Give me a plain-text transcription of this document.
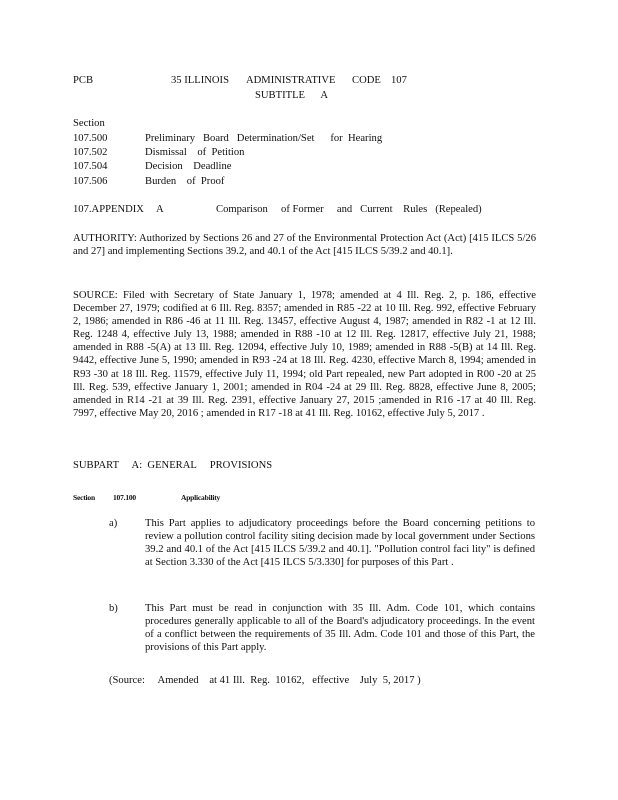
PCB	35 ILLINOIS ADMINISTRATIVE CODE 107
SUBTITLE      A
Section
107.500	Preliminary   Board   Determination/Set      for  Hearing
107.502	Dismissal    of  Petition
107.504	Decision    Deadline
107.506	Burden    of  Proof
107.APPENDIX A	Comparison     of Former     and   Current    Rules   (Repealed)
AUTHORITY: Authorized by Sections 26 and 27 of the Environmental Protection Act (Act) [415 ILCS 5/26 and 27] and implementing Sections 39.2, and 40.1 of the Act [415 ILCS 5/39.2 and 40.1].
SOURCE: Filed with Secretary of State January 1, 1978; amended at 4 Ill. Reg. 2, p. 186, effective December 27, 1979; codified at 6 Ill. Reg. 8357; amended in R85 -22 at 10 Ill. Reg. 992, effective February 2, 1986; amended in R86 -46 at 11 Ill. Reg. 13457, effective August 4, 1987; amended in R82 -1 at 12 Ill. Reg. 1248 4, effective July 13, 1988; amended in R88 -10 at 12 Ill. Reg. 12817, effective July 21, 1988; amended in R88 -5(A) at 13 Ill. Reg. 12094, effective July 10, 1989; amended in R88 -5(B) at 14 Ill. Reg. 9442, effective June 5, 1990; amended in R93 -24 at 18 Ill. Reg. 4230, effective March 8, 1994; amended in R93 -30 at 18 Ill. Reg. 11579, effective July 11, 1994; old Part repealed, new Part adopted in R00 -20 at 25 Ill. Reg. 539, effective January 1, 2001; amended in R04 -24 at 29 Ill. Reg. 8828, effective June 8, 2005; amended in R14 -21 at 39 Ill. Reg. 2391, effective January 27, 2015 ;amended in R16 -17 at 40 Ill. Reg. 7997, effective May 20, 2016 ; amended in R17 -18 at 41 Ill. Reg. 10162, effective July 5, 2017 .
SUBPART     A:  GENERAL     PROVISIONS
Section 107.100	Applicability
a)	This Part applies to adjudicatory proceedings before the Board concerning petitions to review a pollution control facility siting decision made by local government under Sections 39.2 and 40.1 of the Act [415 ILCS 5/39.2 and 40.1]. "Pollution control faci lity" is defined at Section 3.330 of the Act [415 ILCS 5/3.330] for purposes of this Part .
b)	This Part must be read in conjunction with 35 Ill. Adm. Code 101, which contains procedures generally applicable to all of the Board's adjudicatory proceedings. In the event of a conflict between the requirements of 35 Ill. Adm. Code 101 and those of this Part, the provisions of this Part apply.
(Source:     Amended    at 41 Ill.  Reg.  10162,   effective    July  5, 2017 )
